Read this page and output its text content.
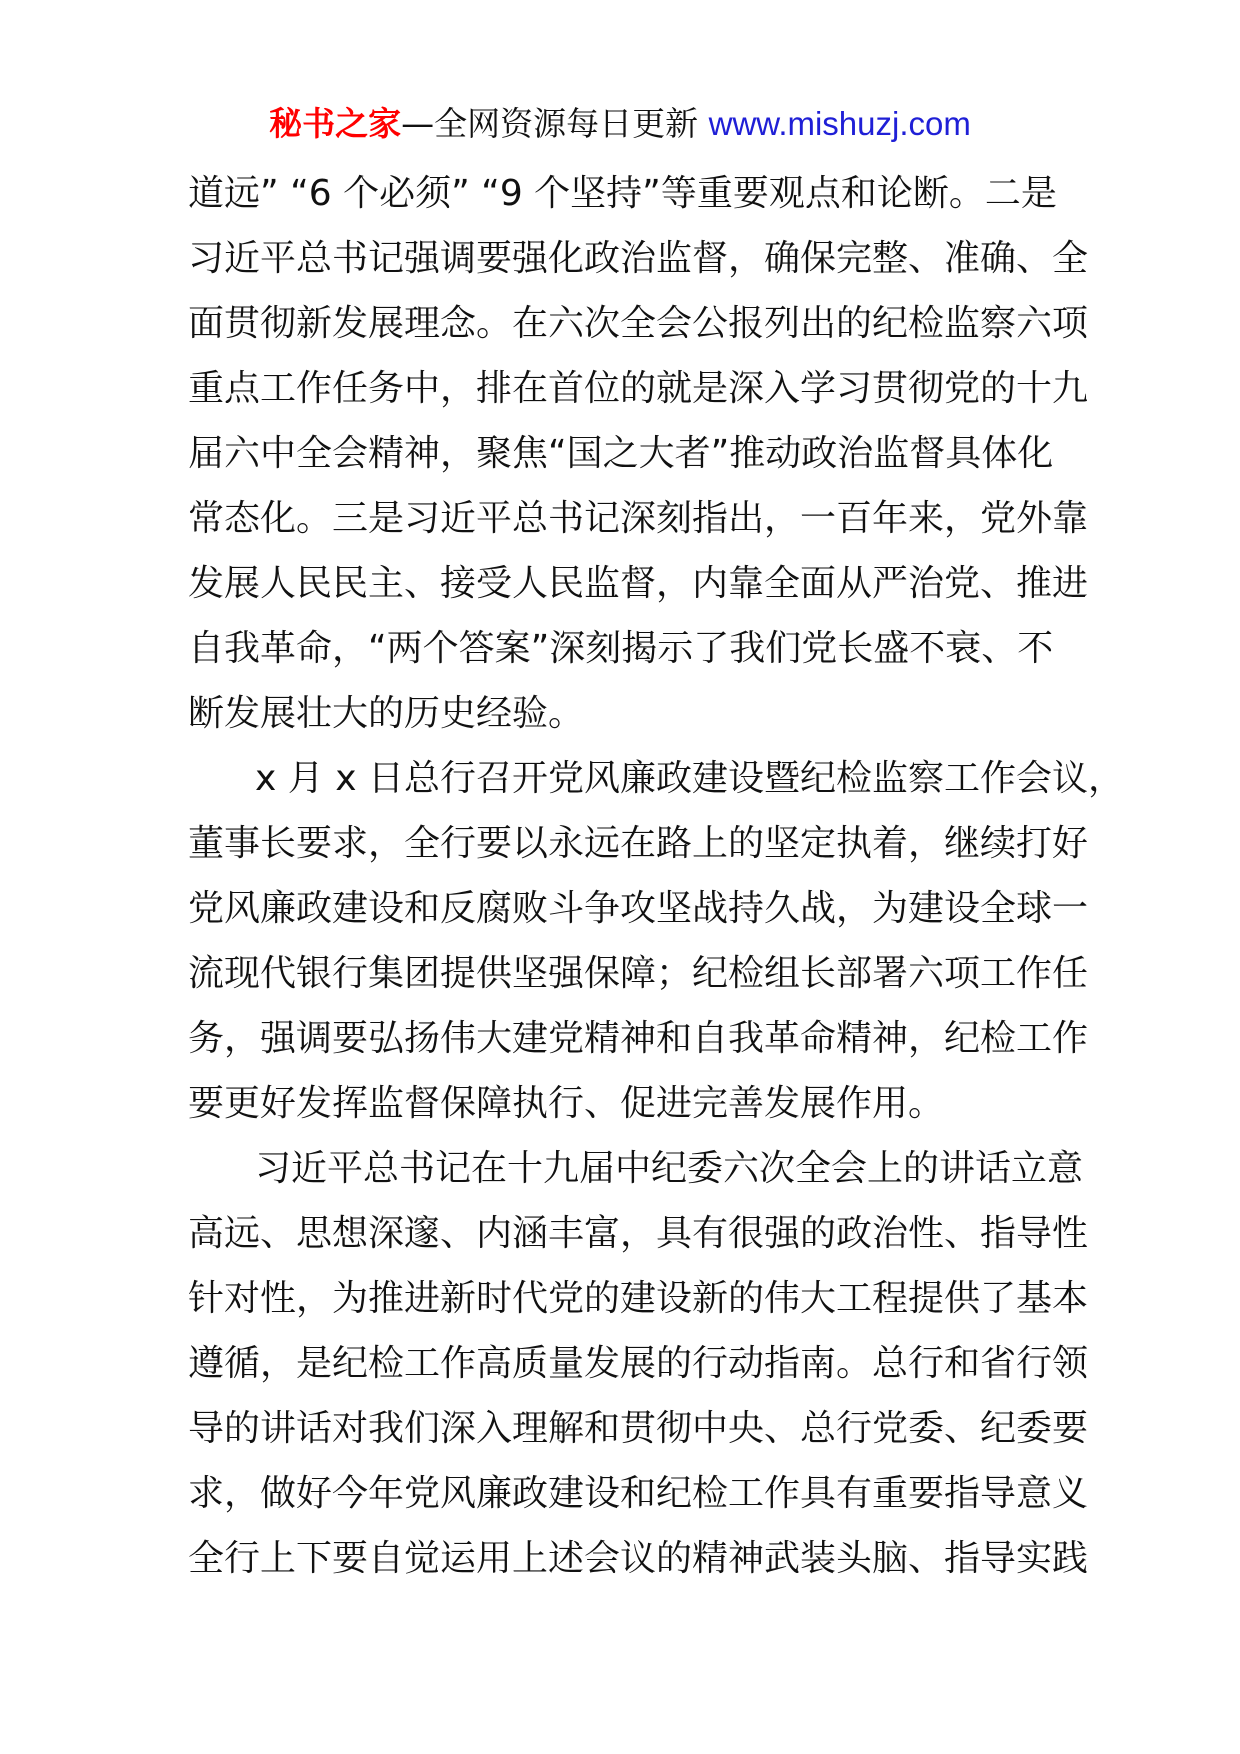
秘书之家—全网资源每日更新 www.mishuzj.com
道远” “6 个必须” “9 个坚持”等重要观点和论断。二是
习近平总书记强调要强化政治监督，确保完整、准确、全
面贯彻新发展理念。在六次全会公报列出的纪检监察六项
重点工作任务中，排在首位的就是深入学习贯彻党的十九
届六中全会精神，聚焦“国之大者”推动政治监督具体化
常态化。三是习近平总书记深刻指出，一百年来，党外靠
发展人民民主、接受人民监督，内靠全面从严治党、推进
自我革命，“两个答案”深刻揭示了我们党长盛不衰、不
断发展壮大的历史经验。
x 月 x 日总行召开党风廉政建设暨纪检监察工作会议，
董事长要求，全行要以永远在路上的坚定执着，继续打好
党风廉政建设和反腐败斗争攻坚战持久战，为建设全球一
流现代银行集团提供坚强保障；纪检组长部署六项工作任
务，强调要弘扬伟大建党精神和自我革命精神，纪检工作
要更好发挥监督保障执行、促进完善发展作用。
习近平总书记在十九届中纪委六次全会上的讲话立意
高远、思想深邃、内涵丰富，具有很强的政治性、指导性
针对性，为推进新时代党的建设新的伟大工程提供了基本
遵循，是纪检工作高质量发展的行动指南。总行和省行领
导的讲话对我们深入理解和贯彻中央、总行党委、纪委要
求，做好今年党风廉政建设和纪检工作具有重要指导意义
全行上下要自觉运用上述会议的精神武装头脑、指导实践
